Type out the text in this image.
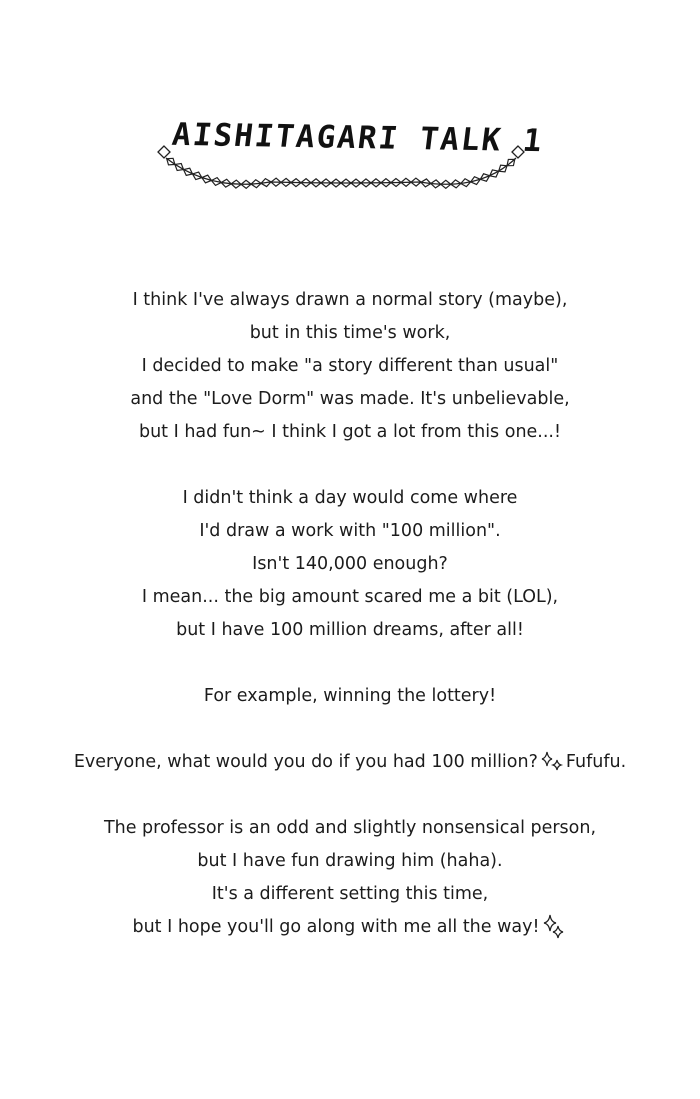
AISHITAGARI TALK 1
I think I've always drawn a normal story (maybe),
but in this time's work,
I decided to make "a story different than usual"
and the "Love Dorm" was made. It's unbelievable,
but I had fun~ I think I got a lot from this one...!
I didn't think a day would come where
I'd draw a work with "100 million".
Isn't 140,000 enough?
I mean... the big amount scared me a bit (LOL),
but I have 100 million dreams, after all!
For example, winning the lottery!
Everyone, what would you do if you had 100 million? Fufufu.
The professor is an odd and slightly nonsensical person,
but I have fun drawing him (haha).
It's a different setting this time,
but I hope you'll go along with me all the way!
